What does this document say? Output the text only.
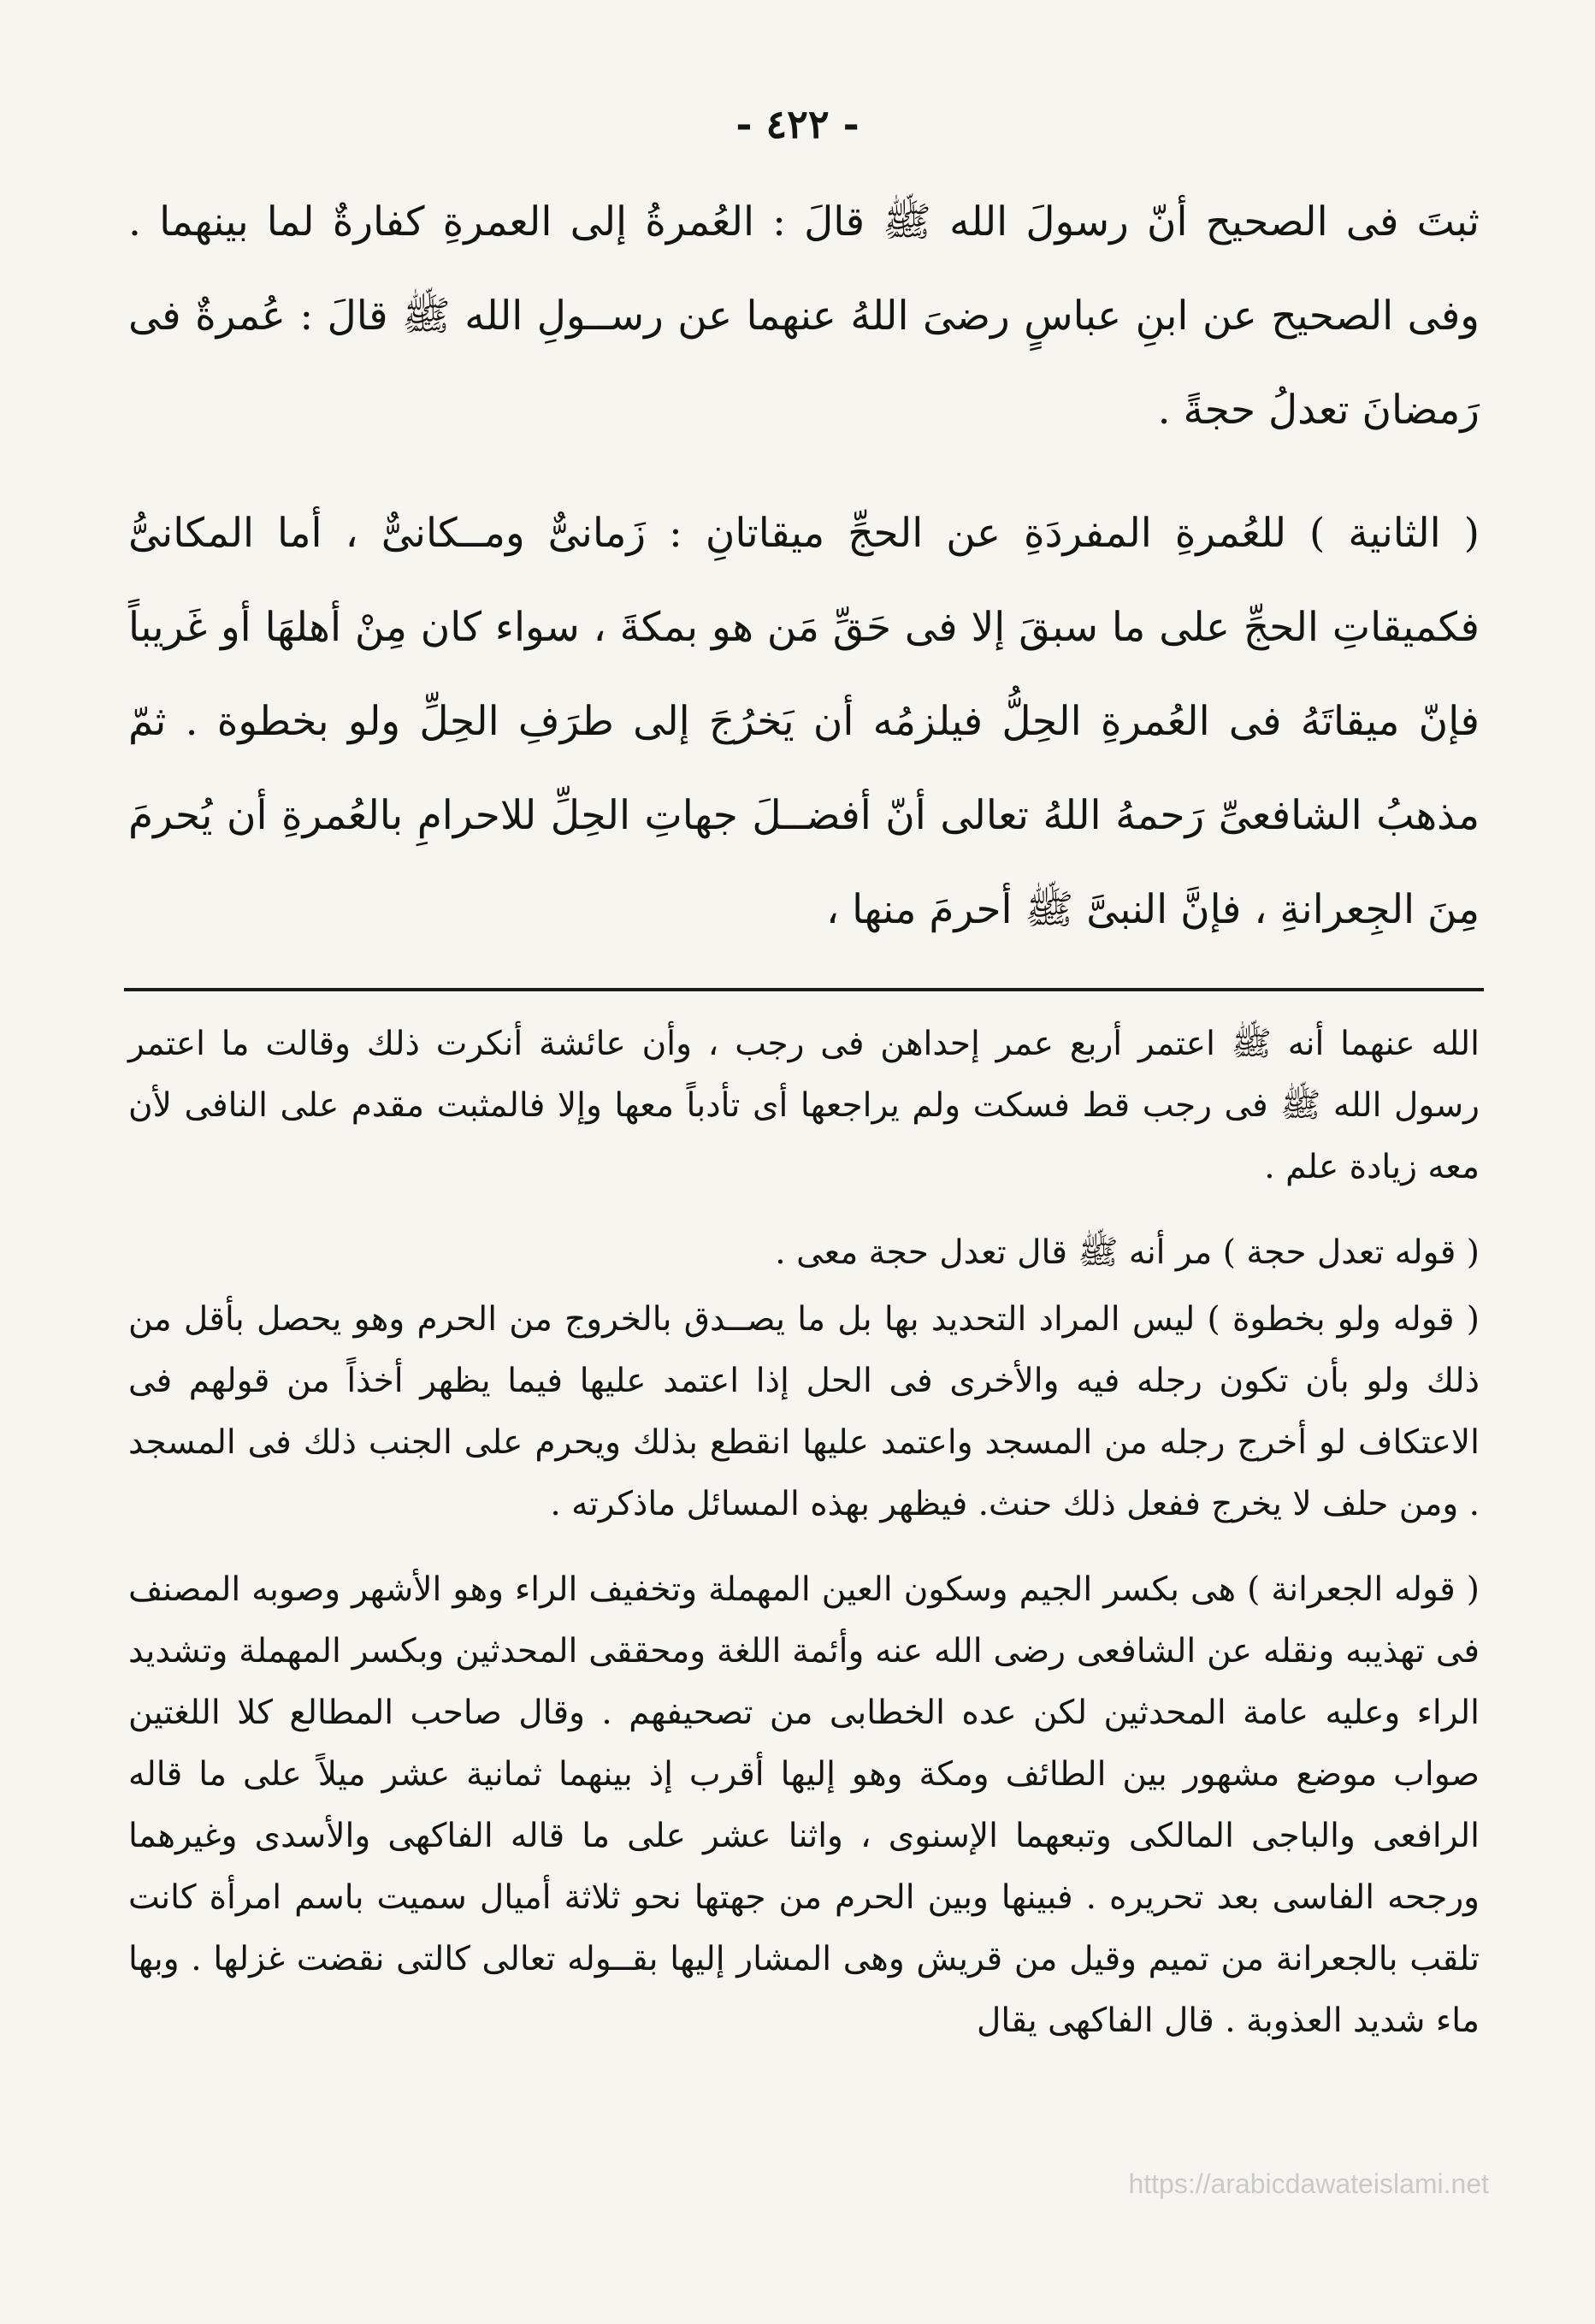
- ٤٢٢ -

ثبتَ فى الصحيح أنّ رسولَ الله ﷺ قالَ : العُمرةُ إلى العمرةِ كفارةٌ لما بينهما . وفى الصحيح عن ابنِ عباسٍ رضىَ اللهُ عنهما عن رســولِ الله ﷺ قالَ : عُمرةٌ فى رَمضانَ تعدلُ حجةً .

( الثانية ) للعُمرةِ المفردَةِ عن الحجِّ ميقاتانِ : زَمانىٌّ ومــكانىٌّ ، أما المكانىُّ فكميقاتِ الحجِّ على ما سبقَ إلا فى حَقِّ مَن هو بمكةَ ، سواء كان مِنْ أهلهَا أو غَريباً فإنّ ميقاتَهُ فى العُمرةِ الحِلُّ فيلزمُه أن يَخرُجَ إلى طرَفِ الحِلِّ ولو بخطوة . ثمّ مذهبُ الشافعىِّ رَحمهُ اللهُ تعالى أنّ أفضــلَ جهاتِ الحِلِّ للاحرامِ بالعُمرةِ أن يُحرمَ مِنَ الجِعرانةِ ، فإنَّ النبىَّ ﷺ أحرمَ منها ،

الله عنهما أنه ﷺ اعتمر أربع عمر إحداهن فى رجب ، وأن عائشة أنكرت ذلك وقالت ما اعتمر رسول الله ﷺ فى رجب قط فسكت ولم يراجعها أى تأدباً معها وإلا فالمثبت مقدم على النافى لأن معه زيادة علم .

( قوله تعدل حجة ) مر أنه ﷺ قال تعدل حجة معى .

( قوله ولو بخطوة ) ليس المراد التحديد بها بل ما يصــدق بالخروج من الحرم وهو يحصل بأقل من ذلك ولو بأن تكون رجله فيه والأخرى فى الحل إذا اعتمد عليها فيما يظهر أخذاً من قولهم فى الاعتكاف لو أخرج رجله من المسجد واعتمد عليها انقطع بذلك ويحرم على الجنب ذلك فى المسجد . ومن حلف لا يخرج ففعل ذلك حنث. فيظهر بهذه المسائل ماذكرته .

( قوله الجعرانة ) هى بكسر الجيم وسكون العين المهملة وتخفيف الراء وهو الأشهر وصوبه المصنف فى تهذيبه ونقله عن الشافعى رضى الله عنه وأئمة اللغة ومحققى المحدثين وبكسر المهملة وتشديد الراء وعليه عامة المحدثين لكن عده الخطابى من تصحيفهم . وقال صاحب المطالع كلا اللغتين صواب موضع مشهور بين الطائف ومكة وهو إليها أقرب إذ بينهما ثمانية عشر ميلاً على ما قاله الرافعى والباجى المالكى وتبعهما الإسنوى ، واثنا عشر على ما قاله الفاكهى والأسدى وغيرهما ورجحه الفاسى بعد تحريره . فبينها وبين الحرم من جهتها نحو ثلاثة أميال سميت باسم امرأة كانت تلقب بالجعرانة من تميم وقيل من قريش وهى المشار إليها بقــوله تعالى كالتى نقضت غزلها . وبها ماء شديد العذوبة . قال الفاكهى يقال

https://arabicdawateislami.net
